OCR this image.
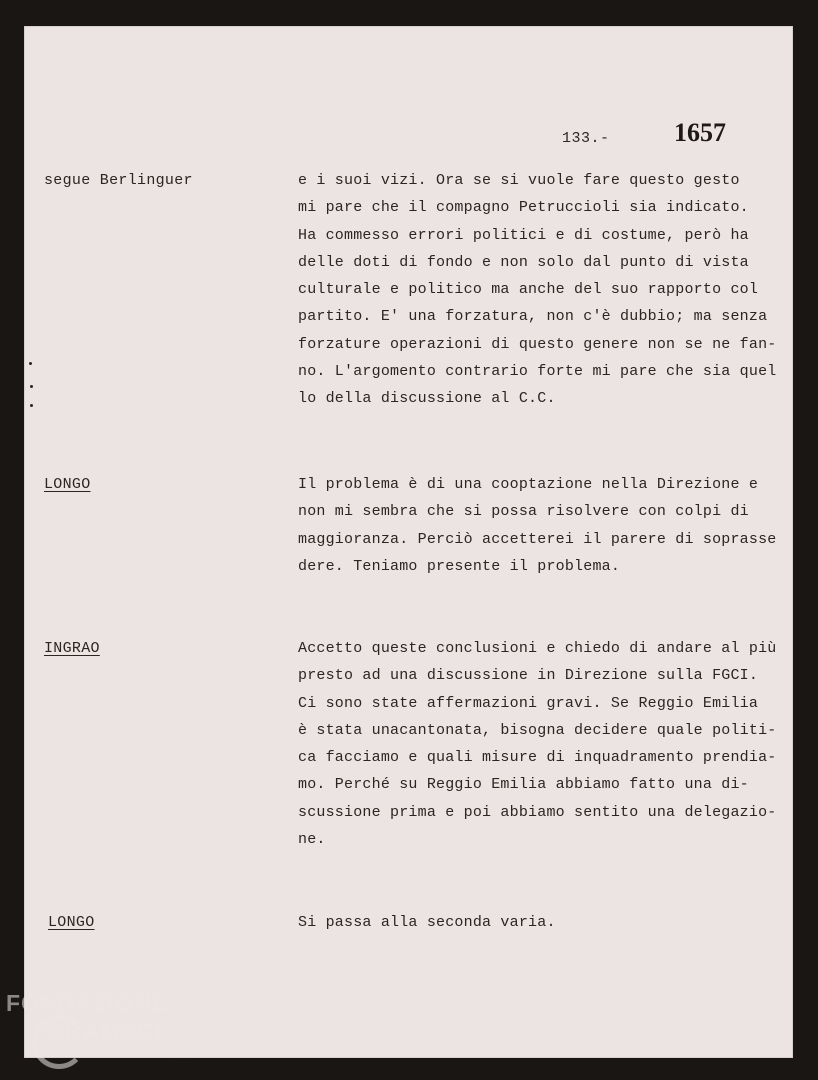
133.- 1657
segue Berlinguer	e i suoi vizi. Ora se si vuole fare questo gesto
mi pare che il compagno Petruccioli sia indicato.
Ha commesso errori politici e di costume, però ha
delle doti di fondo e non solo dal punto di vista
culturale e politico ma anche del suo rapporto col
partito. E' una forzatura, non c'è dubbio; ma senza
forzature operazioni di questo genere non se ne fan-
no. L'argomento contrario forte mi pare che sia quel
lo della discussione al C.C.
LONGO	Il problema è di una cooptazione nella Direzione e
non mi sembra che si possa risolvere con colpi di
maggioranza. Perciò accetterei il parere di soprasse
dere. Teniamo presente il problema.
INGRAO	Accetto queste conclusioni e chiedo di andare al più
presto ad una discussione in Direzione sulla FGCI.
Ci sono state affermazioni gravi. Se Reggio Emilia
è stata unacantonata, bisogna decidere quale politi-
ca facciamo e quali misure di inquadramento prendia-
mo. Perché su Reggio Emilia abbiamo fatto una di-
scussione prima e poi abbiamo sentito una delegazio-
ne.
LONGO	Si passa alla seconda varia.
FONDAZIONE
GRAMSCI
onlus
